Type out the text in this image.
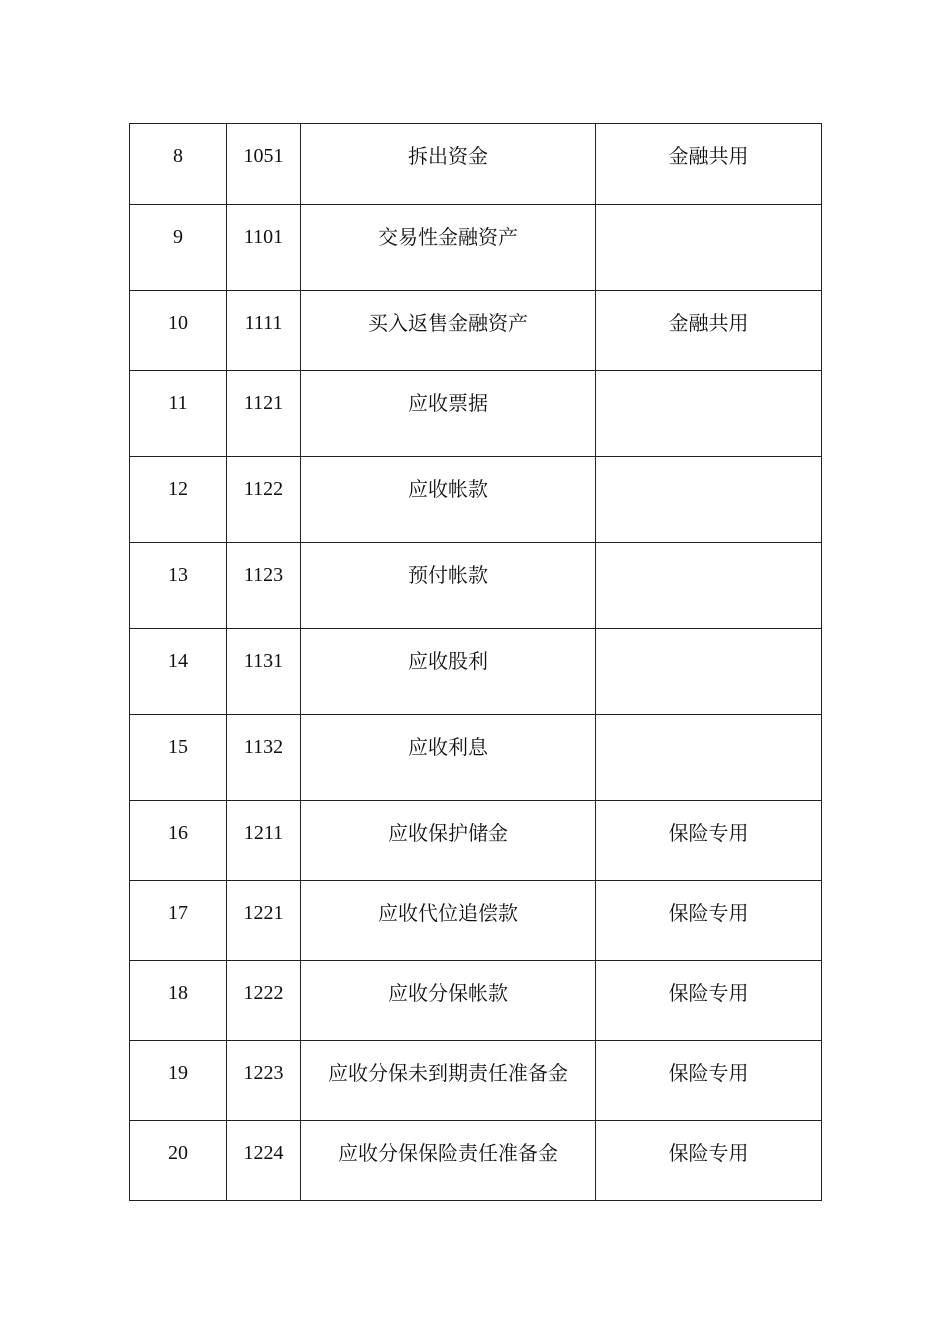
8	1051	拆出资金	金融共用
9	1101	交易性金融资产	
10	1111	买入返售金融资产	金融共用
11	1121	应收票据	
12	1122	应收帐款	
13	1123	预付帐款	
14	1131	应收股利	
15	1132	应收利息	
16	1211	应收保护储金	保险专用
17	1221	应收代位追偿款	保险专用
18	1222	应收分保帐款	保险专用
19	1223	应收分保未到期责任准备金	保险专用
20	1224	应收分保保险责任准备金	保险专用
